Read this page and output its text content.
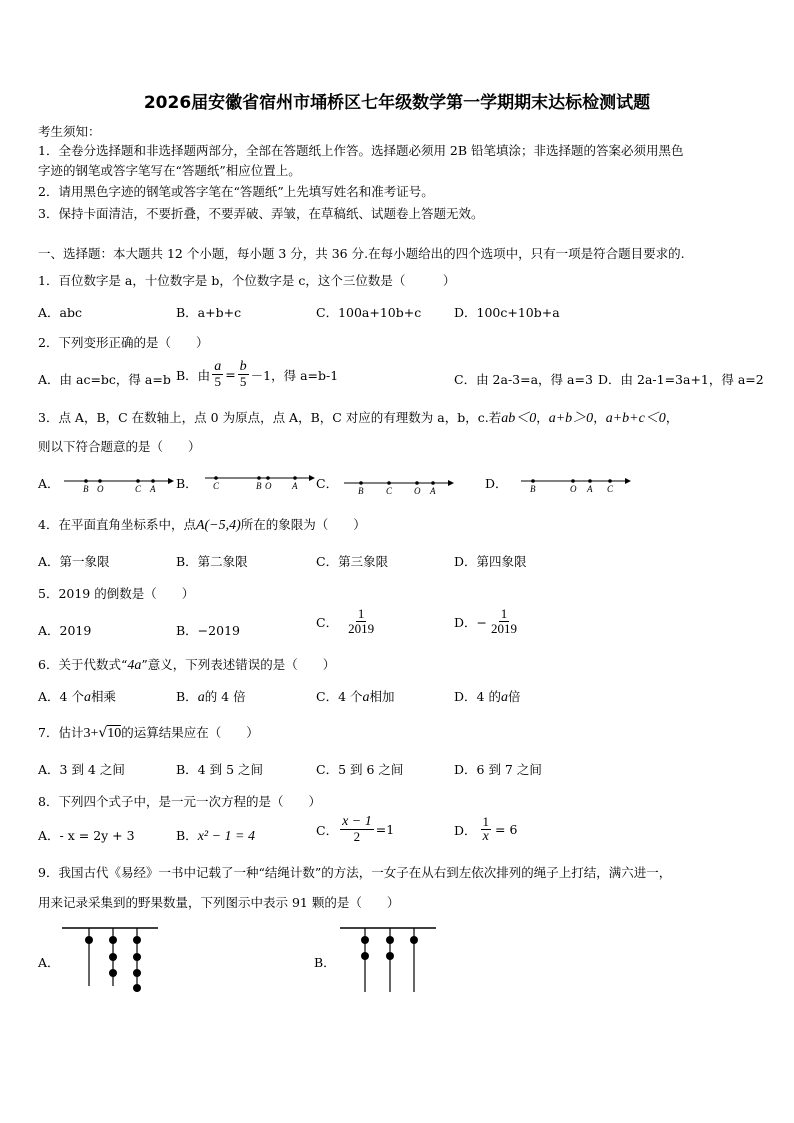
2026届安徽省宿州市埇桥区七年级数学第一学期期末达标检测试题
考生须知：
1．全卷分选择题和非选择题两部分，全部在答题纸上作答。选择题必须用 2B 铅笔填涂；非选择题的答案必须用黑色
字迹的钢笔或答字笔写在“答题纸”相应位置上。
2．请用黑色字迹的钢笔或答字笔在“答题纸”上先填写姓名和准考证号。
3．保持卡面清洁，不要折叠，不要弄破、弄皱，在草稿纸、试题卷上答题无效。
一、选择题：本大题共 12 个小题，每小题 3 分，共 36 分.在每小题给出的四个选项中，只有一项是符合题目要求的.
1．百位数字是 a，十位数字是 b，个位数字是 c，这个三位数是（　　　）
A．abc	B．a+b+c	C．100a+10b+c	D．100c+10b+a
2．下列变形正确的是（　　）
A．由 ac=bc，得 a=b B．由 $\frac{a}{5} = \frac{b}{5} -1$，得 a=b-1	C．由 2a-3=a，得 a=3 D．由 2a-1=3a+1，得 a=2
3．点 A，B，C 在数轴上，点 0 为原点，点 A，B，C 对应的有理数为 a，b，c.若ab＜0，a+b＞0，a+b+c＜0，
则以下符合题意的是（　　）
A．	B O	C A B． C	B O A C． B	C O A	D． B	O A C
4．在平面直角坐标系中，点A(−5,4)所在的象限为（　　）
A．第一象限	B．第二象限	C．第三象限	D．第四象限
5．2019 的倒数是（　　）
A．2019	B．−2019
C． $\frac{1}{2019}$	D．− $\frac{1}{2019}$
6．关于代数式“4a”意义，下列表述错误的是（　　）
A．4 个a相乘	B．a的 4 倍	C．4 个a相加	D．4 的a倍
7．估计3+√10的运算结果应在（　　）
A．3 到 4 之间	B．4 到 5 之间	C．5 到 6 之间	D．6 到 7 之间
8．下列四个式子中，是一元一次方程的是（　　）
A．- x = 2y + 3	B．x² − 1 = 4	C． $\frac{x - 1}{2} =1$	D． $\frac{1}{x} = 6$
9．我国古代《易经》一书中记载了一种“结绳计数”的方法，一女子在从右到左依次排列的绳子上打结，满六进一，
用来记录采集到的野果数量，下列图示中表示 91 颗的是（　　）
A．	B．
